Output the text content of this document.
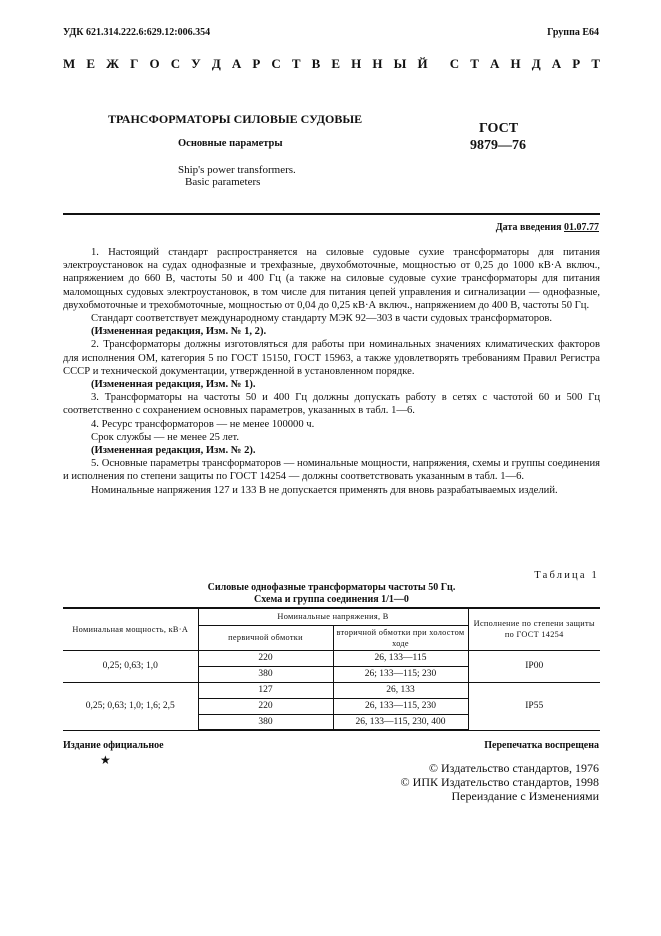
УДК 621.314.222.6:629.12:006.354	Группа Е64
М Е Ж Г О С У Д А Р С Т В Е Н Н Ы Й С Т А Н Д А Р Т
ТРАНСФОРМАТОРЫ СИЛОВЫЕ СУДОВЫЕ
Основные параметры
Ship's power transformers.
Basic parameters
ГОСТ
9879—76
Дата введения 01.07.77

1. Настоящий стандарт распространяется на силовые судовые сухие трансформаторы для питания электроустановок на судах однофазные и трехфазные, двухобмоточные, мощностью от 0,25 до 1000 кВ·А включ., напряжением до 660 В, частоты 50 и 400 Гц (а также на силовые судовые сухие трансформаторы для питания маломощных судовых электроустановок, в том числе для питания цепей управления и сигнализации — однофазные, двухобмоточные и трехобмоточные, мощностью от 0,04 до 0,25 кВ·А включ., напряжением до 400 В, частоты 50 Гц.

Стандарт соответствует международному стандарту МЭК 92—303 в части судовых трансформаторов.

(Измененная редакция, Изм. № 1, 2).

2. Трансформаторы должны изготовляться для работы при номинальных значениях климатических факторов для исполнения ОМ, категория 5 по ГОСТ 15150, ГОСТ 15963, а также удовлетворять требованиям Правил Регистра СССР и технической документации, утвержденной в установленном порядке.

(Измененная редакция, Изм. № 1).

3. Трансформаторы на частоты 50 и 400 Гц должны допускать работу в сетях с частотой 60 и 500 Гц соответственно с сохранением основных параметров, указанных в табл. 1—6.

4. Ресурс трансформаторов — не менее 100000 ч.

Срок службы — не менее 25 лет.

(Измененная редакция, Изм. № 2).

5. Основные параметры трансформаторов — номинальные мощности, напряжения, схемы и группы соединения и исполнения по степени защиты по ГОСТ 14254 — должны соответствовать указанным в табл. 1—6.

Номинальные напряжения 127 и 133 В не допускается применять для вновь разрабатываемых изделий.

Таблица 1
Силовые однофазные трансформаторы частоты 50 Гц.
Схема и группа соединения 1/1—0
Номинальная мощность, кВ·А	Номинальные напряжения, В		Исполнение по степени защиты по ГОСТ 14254
	первичной обмотки	вторичной обмотки при холостом ходе	
0,25; 0,63; 1,0	220	26, 133—115	IP00
	380	26; 133—115; 230	
0,25; 0,63; 1,0; 1,6; 2,5	127	26, 133	IP55
	220	26, 133—115, 230	
	380	26, 133—115, 230, 400	
Издание официальное	Перепечатка воспрещена
★
© Издательство стандартов, 1976
© ИПК Издательство стандартов, 1998
Переиздание с Изменениями
